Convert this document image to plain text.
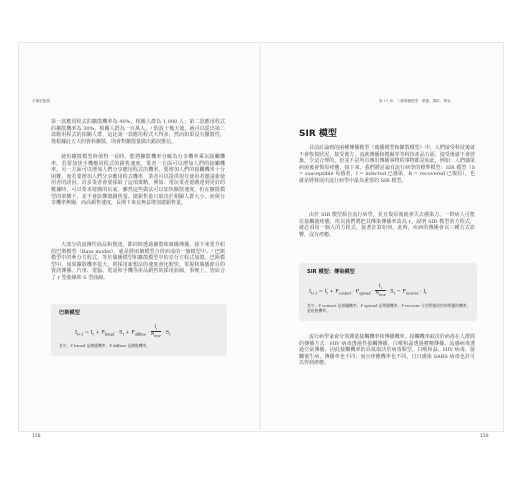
多種型態模

第一款應用程式的擴散機率為 40%，相關人群為 1,000 人；第二款應用程式的擴散機率為 30%，相關人群為一百萬人。¹ 假設十幾天後，就可以從出第二款應用程式的相關人群，這比第一款應用程式大得多，然而如果沒有擴散性，僅根據此五天的資料擴散，則會對擴散量做出錯誤推估。

使用擴散模型時值得一看時，能將擴散機率分解為分享機率乘以接觸機率。若要加快手機應用程式的銷售速度，業者一方面可以增加人們的接觸機率，另一方面可以增加人們分享應用程式的機率。要增加人們的接觸機率十分困難，而若要增加人們分享應用程式機率，業者可以提供現有使用者邀請新使用者的誘因。許多業者會要採取了這項策略，例如：電玩業者遊戲達到更好的數據時，可以要求遊戲的玩家，雖然這些做法可以加快擴散速度，但在擴散模型的架構下，並不會影響總銷售量。總銷售量只取決於相關人群大小，而與分享機率無關，而高銷售速度，長期下來並無益增加總銷售量。

大部分的流傳性商品和資訊，都同時透過擴散和廣播傳播，接下來要介紹的巴斯模型（Bass model），就是將兩個模型合併而成的一個模型中。² 巴斯模型中的參分方程式，等於廣播模型和擴散模型中的差分方程式加總。巴斯模型中，如果擴散機率很大，則採用新想法的速度會比較快。電視和廣播節目的資訊傳播、汽車、電腦、電話和手機等產品銷售的採用曲線，事實上，皆給合了 r 型曲線和 S 型曲線。

巴斯模型
$I_{t+1} = I_t + P_{broad} \cdot S_t + P_{diffuse} \cdot \frac{I_t}{N_{POP}} \cdot S_t$

其中，P broad 是廣播機率，P diffuse 是擴散機率。

158
第 11 章　三種傳播模型：廣播、擴散、傳染
SIR 模型

目前討論到的兩種傳播模型（廣播模型和擴散模型）中，人們接受科技後就不會恢復狀況，接受後方，流就傳播和模擬等等科技產品方面。接受後就不會放棄，令這合理的，但並不是所有傳出傳播事物的事物都是如此，例如：人們感染病菌後會復原痊癒，接下來，我們將討論有流行病學的標準模型：SIR 模型（S = susceptible 易感者，I = infected 已感染，R = recovered 已復原），也就是將發展出流行病學中最為重要的 SIR 模型。

由於 SIR 模型源自流行病學，並且復原後就會失去感染力，一群病人可能在接觸後痊癒，所以我們將把其傳染傳播率改為 r，說明 SIR 模型的方程式，就必須用一個人的方程式，接著計算如何，此時，疾病的傳播會以三種方式影響，沒有痊癒。

SIR 模型：傳染模型
$I_{t+1} = I_t + P_{contact} \cdot P_{spread} \cdot \frac{I_t}{N_{POP}} \cdot S_t - P_{recover} \cdot I_t$

其中，P contact 是接觸機率，P spread 是傳播機率，P recover 分別對應的疾病傳播的機率，是痊癒機率。

流行病學家會分別測量接觸機率和傳播機率。接觸機率取決於病毒在人群間的傳播方式：HIV 病毒透過性接觸傳播，白喉和蝨透過噴嚏傳播，流感病毒透過空氣傳播，因此接觸機率的高低取決於病毒類型。白喉和蝨、HIV 病毒、接觸後生病，傳播率也不同；而且痊癒機率也不同，日日感染 SARS 病毒也許可以得到痊癒。

159
